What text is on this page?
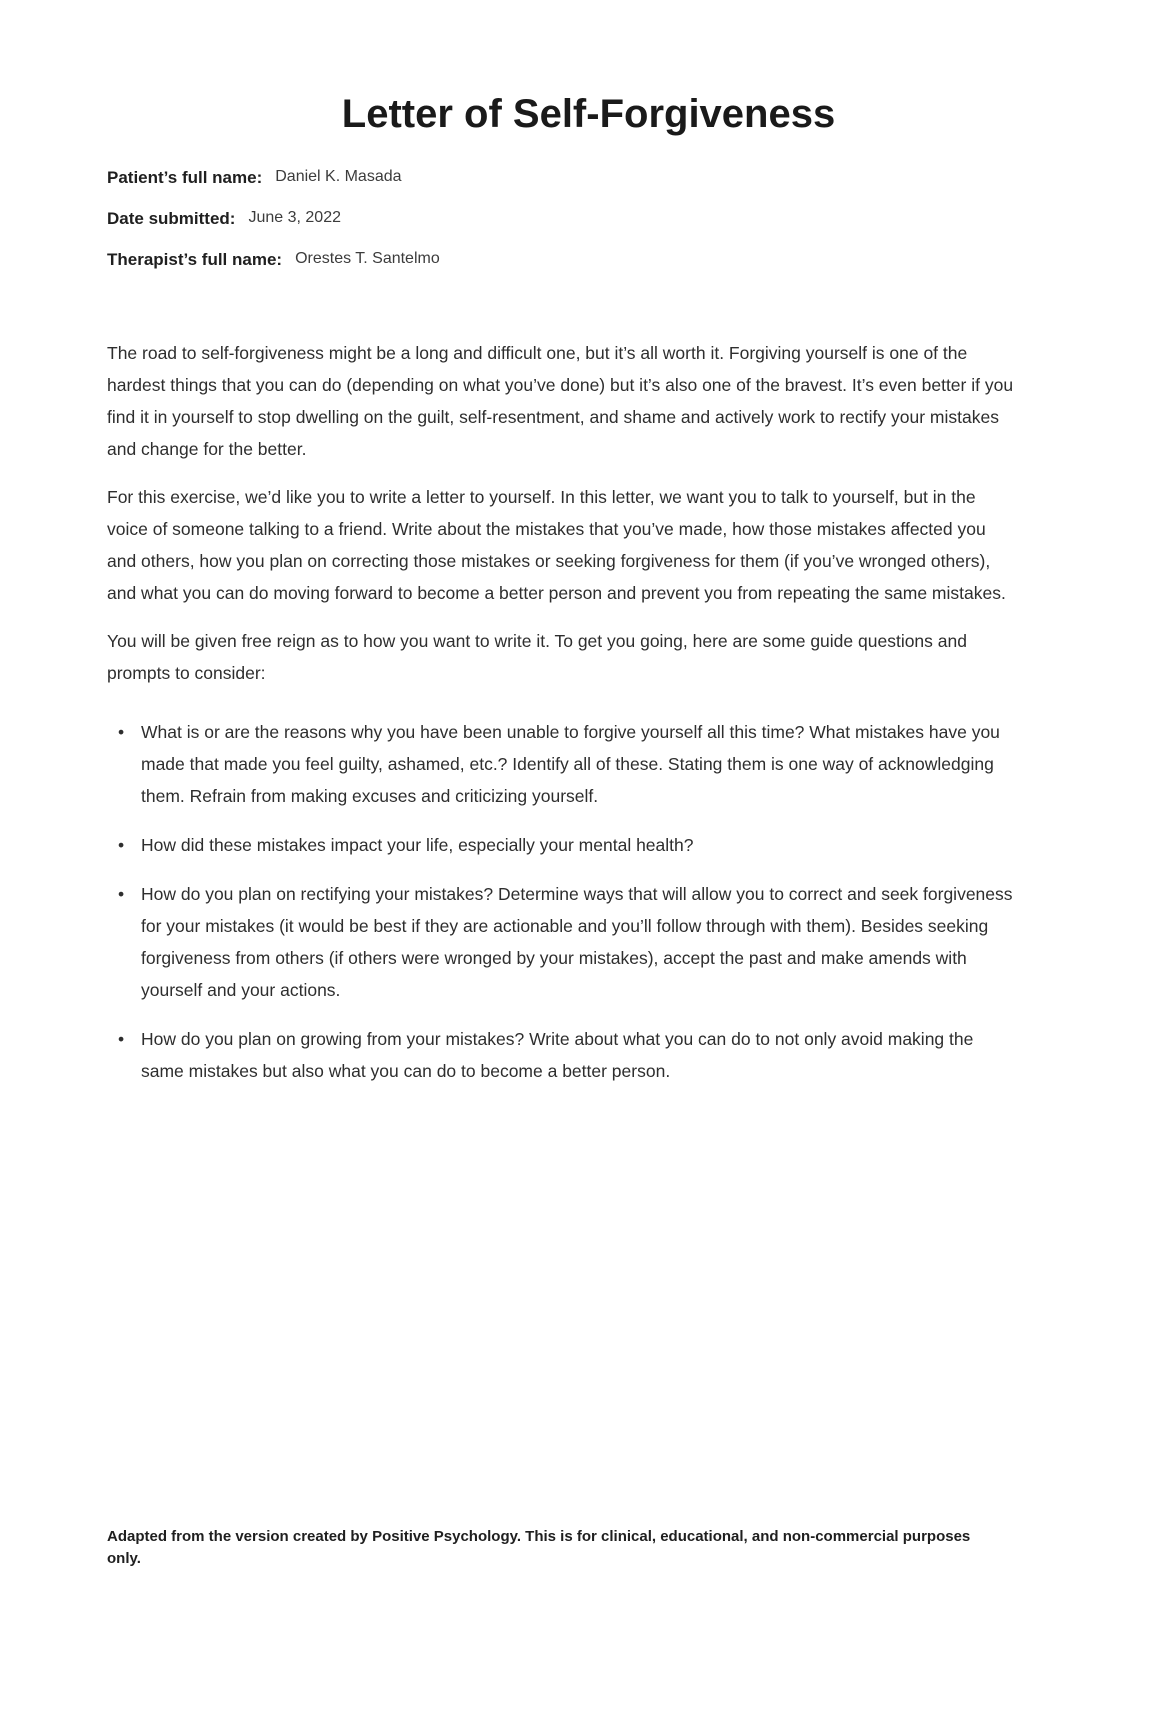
Letter of Self-Forgiveness
Patient’s full name: Daniel K. Masada
Date submitted: June 3, 2022
Therapist’s full name: Orestes T. Santelmo

The road to self-forgiveness might be a long and difficult one, but it’s all worth it. Forgiving yourself is one of the hardest things that you can do (depending on what you’ve done) but it’s also one of the bravest. It’s even better if you find it in yourself to stop dwelling on the guilt, self-resentment, and shame and actively work to rectify your mistakes and change for the better.

For this exercise, we’d like you to write a letter to yourself. In this letter, we want you to talk to yourself, but in the voice of someone talking to a friend. Write about the mistakes that you’ve made, how those mistakes affected you and others, how you plan on correcting those mistakes or seeking forgiveness for them (if you’ve wronged others), and what you can do moving forward to become a better person and prevent you from repeating the same mistakes.

You will be given free reign as to how you want to write it. To get you going, here are some guide questions and prompts to consider:

• What is or are the reasons why you have been unable to forgive yourself all this time? What mistakes have you made that made you feel guilty, ashamed, etc.? Identify all of these. Stating them is one way of acknowledging them. Refrain from making excuses and criticizing yourself.
• How did these mistakes impact your life, especially your mental health?
• How do you plan on rectifying your mistakes? Determine ways that will allow you to correct and seek forgiveness for your mistakes (it would be best if they are actionable and you’ll follow through with them). Besides seeking forgiveness from others (if others were wronged by your mistakes), accept the past and make amends with yourself and your actions.
• How do you plan on growing from your mistakes? Write about what you can do to not only avoid making the same mistakes but also what you can do to become a better person.
Adapted from the version created by Positive Psychology. This is for clinical, educational, and non-commercial purposes only.
